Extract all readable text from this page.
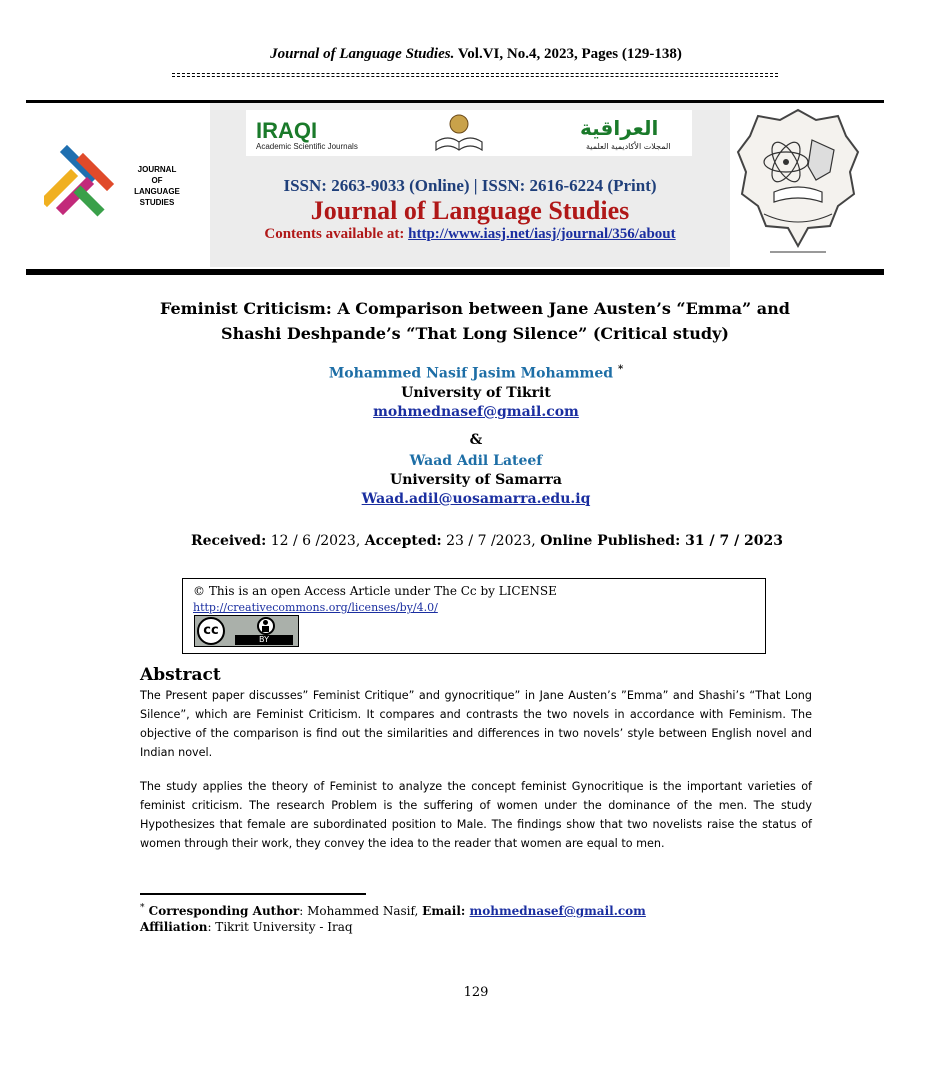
Journal of Language Studies. Vol.VI, No.4, 2023, Pages (129-138)
JOURNAL OF LANGUAGE STUDIES
IRAQI
Academic Scientific Journals
العراقية
المجلات الأكاديمية العلمية
ISSN: 2663-9033 (Online) | ISSN: 2616-6224 (Print)
Journal of Language Studies
Contents available at: http://www.iasj.net/iasj/journal/356/about
Feminist Criticism: A Comparison between Jane Austen’s “Emma” and
Shashi Deshpande’s “That Long Silence” (Critical study)
Mohammed Nasif Jasim Mohammed *
University of Tikrit
mohmednasef@gmail.com
&
Waad Adil Lateef
University of Samarra
Waad.adil@uosamarra.edu.iq
Received: 12 / 6 /2023, Accepted: 23 / 7 /2023, Online Published: 31 / 7 / 2023
© This is an open Access Article under The Cc by LICENSE
http://creativecommons.org/licenses/by/4.0/
cc
BY
Abstract
The Present paper discusses” Feminist Critique” and gynocritique” in Jane Austen’s ”Emma” and Shashi’s “That Long Silence”, which are Feminist Criticism. It compares and contrasts the two novels in accordance with Feminism. The objective of the comparison is find out the similarities and differences in two novels’ style between English novel and Indian novel.
The study applies the theory of Feminist to analyze the concept feminist Gynocritique is the important varieties of feminist criticism. The research Problem is the suffering of women under the dominance of the men. The study Hypothesizes that female are subordinated position to Male. The findings show that two novelists raise the status of women through their work, they convey the idea to the reader that women are equal to men.
* Corresponding Author: Mohammed Nasif, Email: mohmednasef@gmail.com
Affiliation: Tikrit University - Iraq
129
